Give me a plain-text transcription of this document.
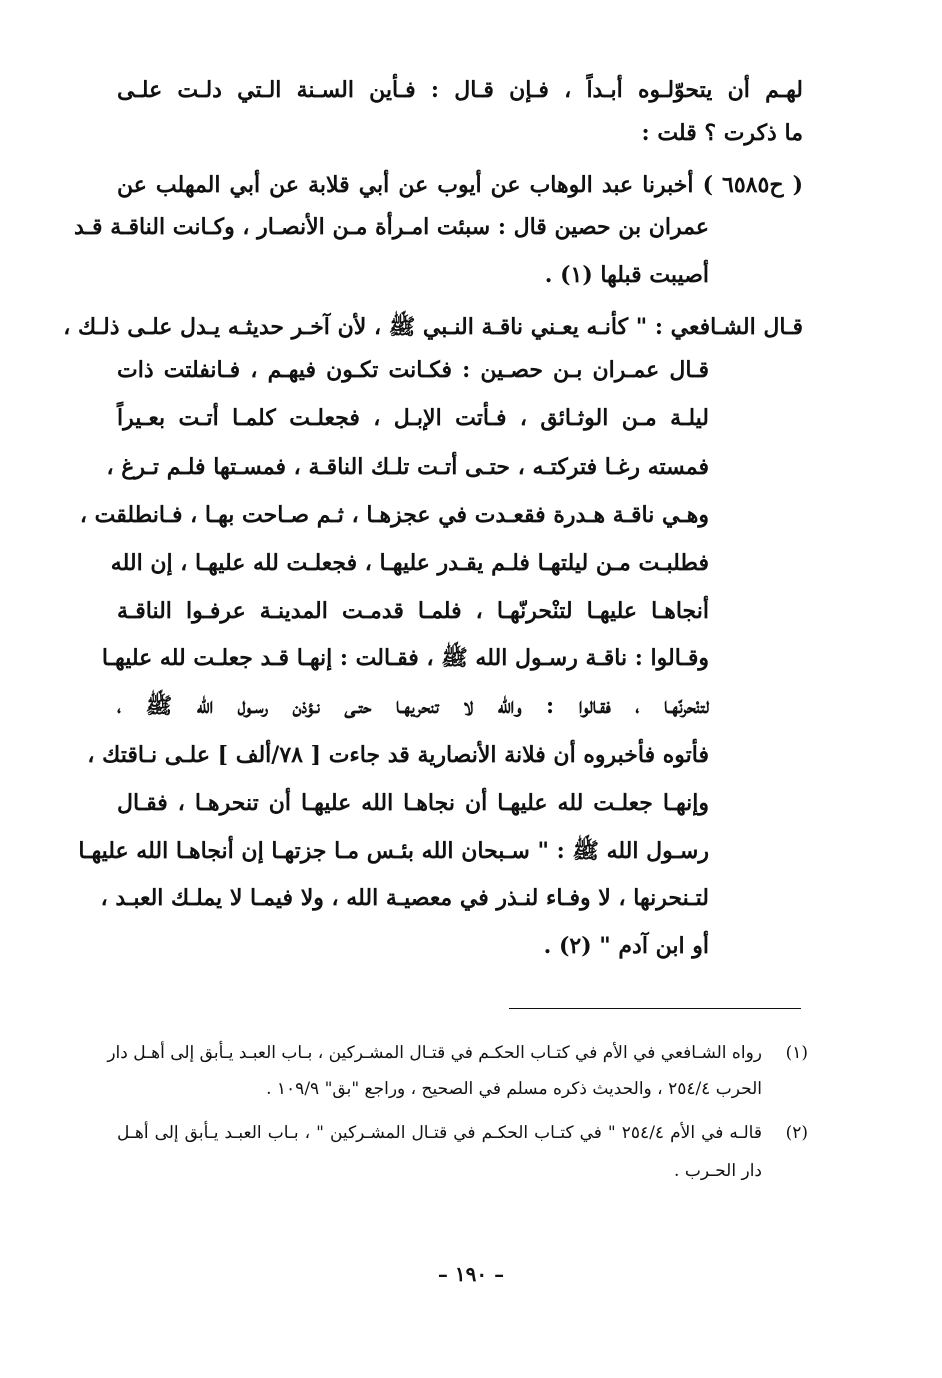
لهـم أن يتحوّلـوه أبـداً ، فـإن قـال : فـأين السـنة الـتي دلـت علـى
ما ذكرت ؟ قلت :
( ح٦٥٨٥ ) أخبرنا عبد الوهاب عن أيوب عن أبي قلابة عن أبي المهلب عن
عمران بن حصين قال : سبئت امـرأة مـن الأنصـار ، وكـانت الناقـة قـد
أصيبت قبلها (١) .
قـال الشـافعي : " كأنـه يعـني ناقـة النـبي ﷺ ، لأن آخـر حديثـه يـدل علـى ذلـك ،
قـال عمـران بـن حصـين : فكـانت تكـون فيهـم ، فـانفلتت ذات
ليلـة مـن الوثـائق ، فـأتت الإبـل ، فجعلـت كلمـا أتـت بعـيراً
فمسته رغـا فتركتـه ، حتـى أتـت تلـك الناقـة ، فمسـتها فلـم تـرغ ،
وهـي ناقـة هـدرة فقعـدت في عجزهـا ، ثـم صـاحت بهـا ، فـانطلقت ،
فطلبـت مـن ليلتهـا فلـم يقـدر عليهـا ، فجعلـت لله عليهـا ، إن الله
أنجاهـا عليهـا لتنْحرنّهـا ، فلمـا قدمـت المدينـة عرفـوا الناقـة
وقـالوا : ناقـة رسـول الله ﷺ ، فقـالت : إنهـا قـد جعلـت لله عليهـا
لتنْحرنّهـا ، فقـالوا : والله لا تنحريهـا حتـى نـؤذن رسـول الله ﷺ ،
فأتوه فأخبروه أن فلانة الأنصارية قد جاءت [ ٧٨/ألف ] علـى نـاقتك ،
وإنهـا جعلـت لله عليهـا أن نجاهـا الله عليهـا أن تنحرهـا ، فقـال
رسـول الله ﷺ : " سـبحان الله بئـس مـا جزتهـا إن أنجاهـا الله عليهـا
لتـنحرنها ، لا وفـاء لنـذر في معصيـة الله ، ولا فيمـا لا يملـك العبـد ،
أو ابن آدم " (٢) .
(١)
رواه الشـافعي في الأم في كتـاب الحكـم في قتـال المشـركين ، بـاب العبـد يـأبق إلى أهـل دار
الحرب ٢٥٤/٤ ، والحديث ذكره مسلم في الصحيح ، وراجع "بق" ١٠٩/٩ .
(٢)
قالـه في الأم ٢٥٤/٤ " في كتـاب الحكـم في قتـال المشـركين " ، بـاب العبـد يـأبق إلى أهـل
دار الحـرب .
– ١٩٠ –
